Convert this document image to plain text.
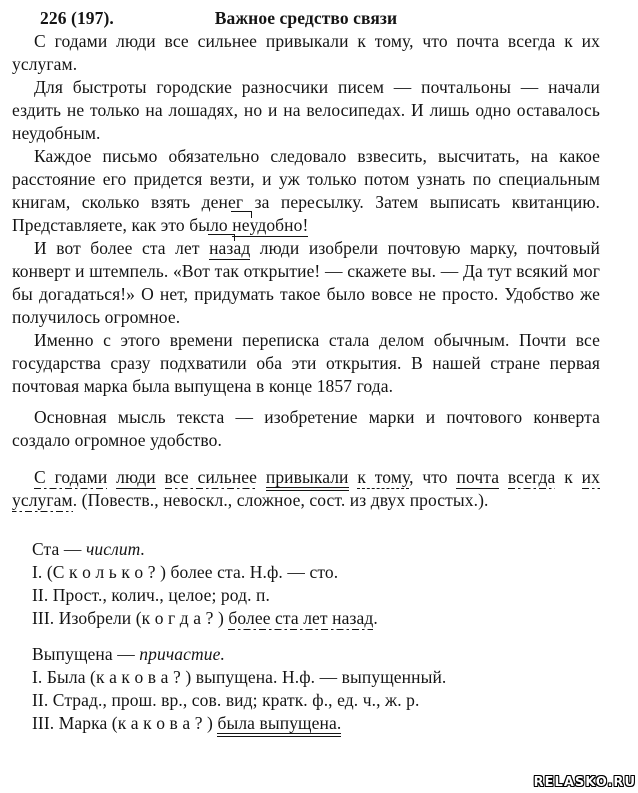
226 (197).	Важное средство связи

С годами люди все сильнее привыкали к тому, что почта всегда к их услугам.

Для быстроты городские разносчики писем — почтальоны — начали ездить не только на лошадях, но и на велосипедах. И лишь одно оставалось неудобным.

Каждое письмо обязательно следовало взвесить, высчитать, на какое расстояние его придется везти, и уж только потом узнать по специальным книгам, сколько взять денег за пересылку. Затем выписать квитанцию. Представляете, как это было неудобно!

И вот более ста лет назад люди изобрели почтовую марку, почтовый конверт и штемпель. «Вот так открытие! — скажете вы. — Да тут всякий мог бы догадаться!» О нет, придумать такое было вовсе не просто. Удобство же получилось огромное.

Именно с этого времени переписка стала делом обычным. Почти все государства сразу подхватили оба эти открытия. В нашей стране первая почтовая марка была выпущена в конце 1857 года.

Основная мысль текста — изобретение марки и почтового конверта создало огромное удобство.

С годами люди все сильнее привыкали к тому, что почта всегда к их услугам. (Повеств., невоскл., сложное, сост. из двух простых.).

Ста — числит.

I. (С к о л ь к о ? ) более ста. Н.ф. — сто.

II. Прост., колич., целое; род. п.

III. Изобрели (к о г д а ? ) более ста лет назад.

Выпущена — причастие.

I. Была (к а к о в а ? ) выпущена. Н.ф. — выпущенный.

II. Страд., прош. вр., сов. вид; кратк. ф., ед. ч., ж. р.

III. Марка (к а к о в а ? ) была выпущена.

RELASKO.RU
